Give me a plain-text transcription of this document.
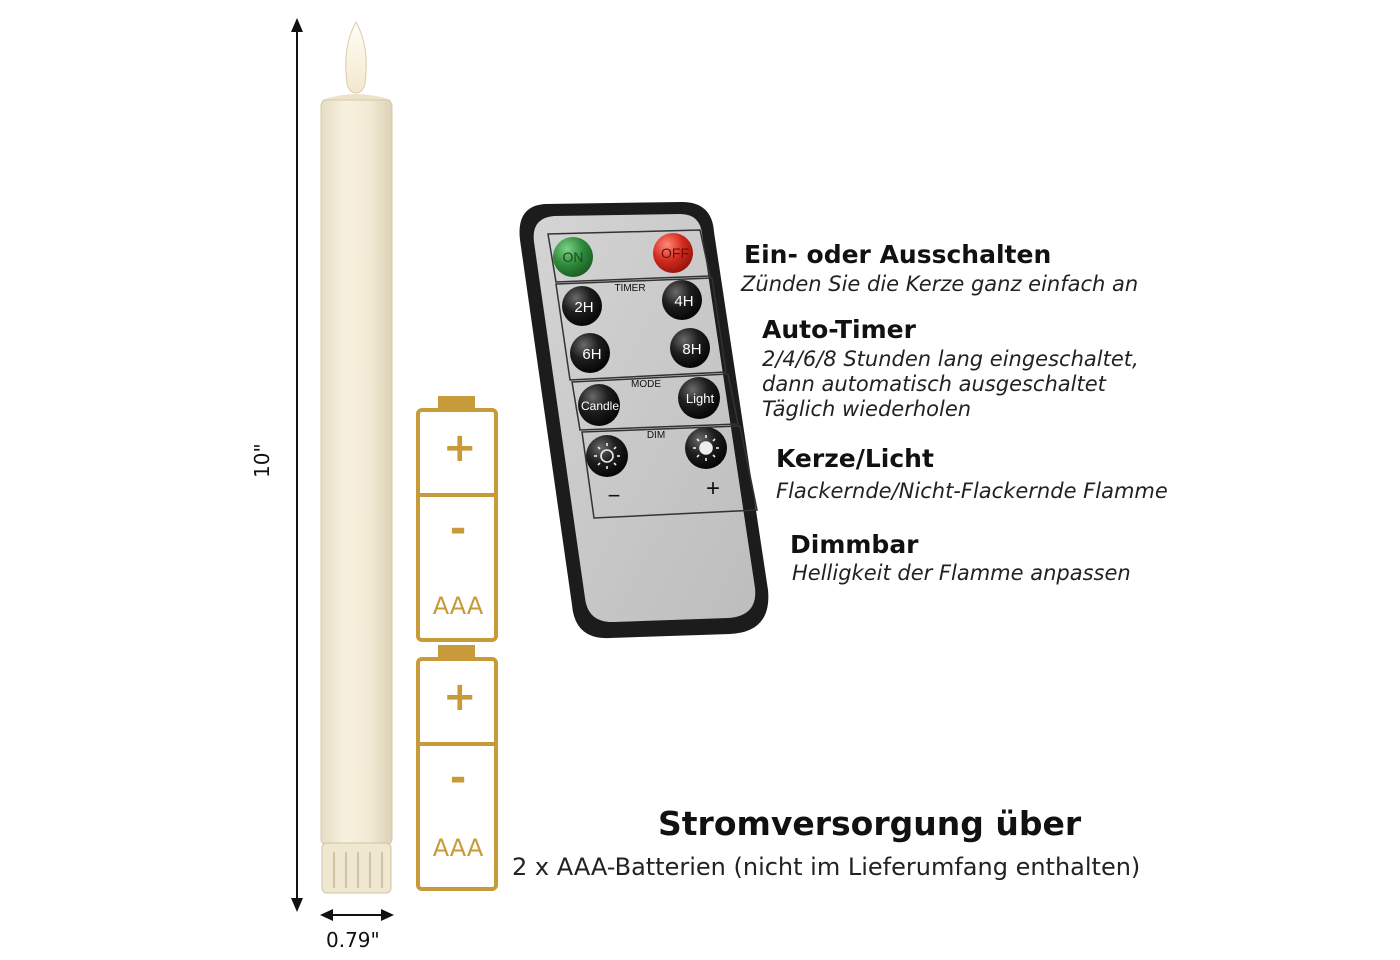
ON	OFF
TIMER
2H	4H
6H	8H
MODE
Candle	Light
DIM
−	+
10"
0.79"
+
-
AAA
+
-
AAA
Ein- oder Ausschalten
Zünden Sie die Kerze ganz einfach an
Auto-Timer
2/4/6/8 Stunden lang eingeschaltet,
dann automatisch ausgeschaltet
Täglich wiederholen
Kerze/Licht
Flackernde/Nicht-Flackernde Flamme
Dimmbar
Helligkeit der Flamme anpassen
Stromversorgung über
2 x AAA-Batterien (nicht im Lieferumfang enthalten)
